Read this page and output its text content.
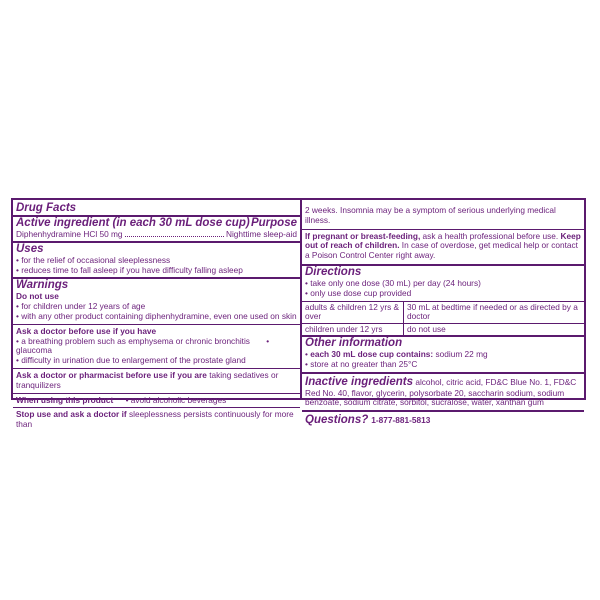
Drug Facts
Active ingredient (in each 30 mL dose cup) Purpose
Diphenhydramine HCl 50 mg	Nighttime sleep-aid
Uses
• for the relief of occasional sleeplessness
• reduces time to fall asleep if you have difficulty falling asleep
Warnings
Do not use
• for children under 12 years of age
• with any other product containing diphenhydramine, even one used on skin
Ask a doctor before use if you have
• a breathing problem such as emphysema or chronic bronchitis • glaucoma
• difficulty in urination due to enlargement of the prostate gland
Ask a doctor or pharmacist before use if you are taking sedatives or tranquilizers
When using this product • avoid alcoholic beverages
Stop use and ask a doctor if sleeplessness persists continuously for more than
2 weeks. Insomnia may be a symptom of serious underlying medical illness.
If pregnant or breast-feeding, ask a health professional before use. Keep out of reach of children. In case of overdose, get medical help or contact a Poison Control Center right away.
Directions
• take only one dose (30 mL) per day (24 hours)
• only use dose cup provided
adults & children 12 yrs & over	30 mL at bedtime if needed or as directed by a doctor
children under 12 yrs	do not use
Other information
• each 30 mL dose cup contains: sodium 22 mg
• store at no greater than 25°C
Inactive ingredients alcohol, citric acid, FD&C Blue No. 1, FD&C Red No. 40, flavor, glycerin, polysorbate 20, saccharin sodium, sodium benzoate, sodium citrate, sorbitol, sucralose, water, xanthan gum
Questions? 1-877-881-5813
